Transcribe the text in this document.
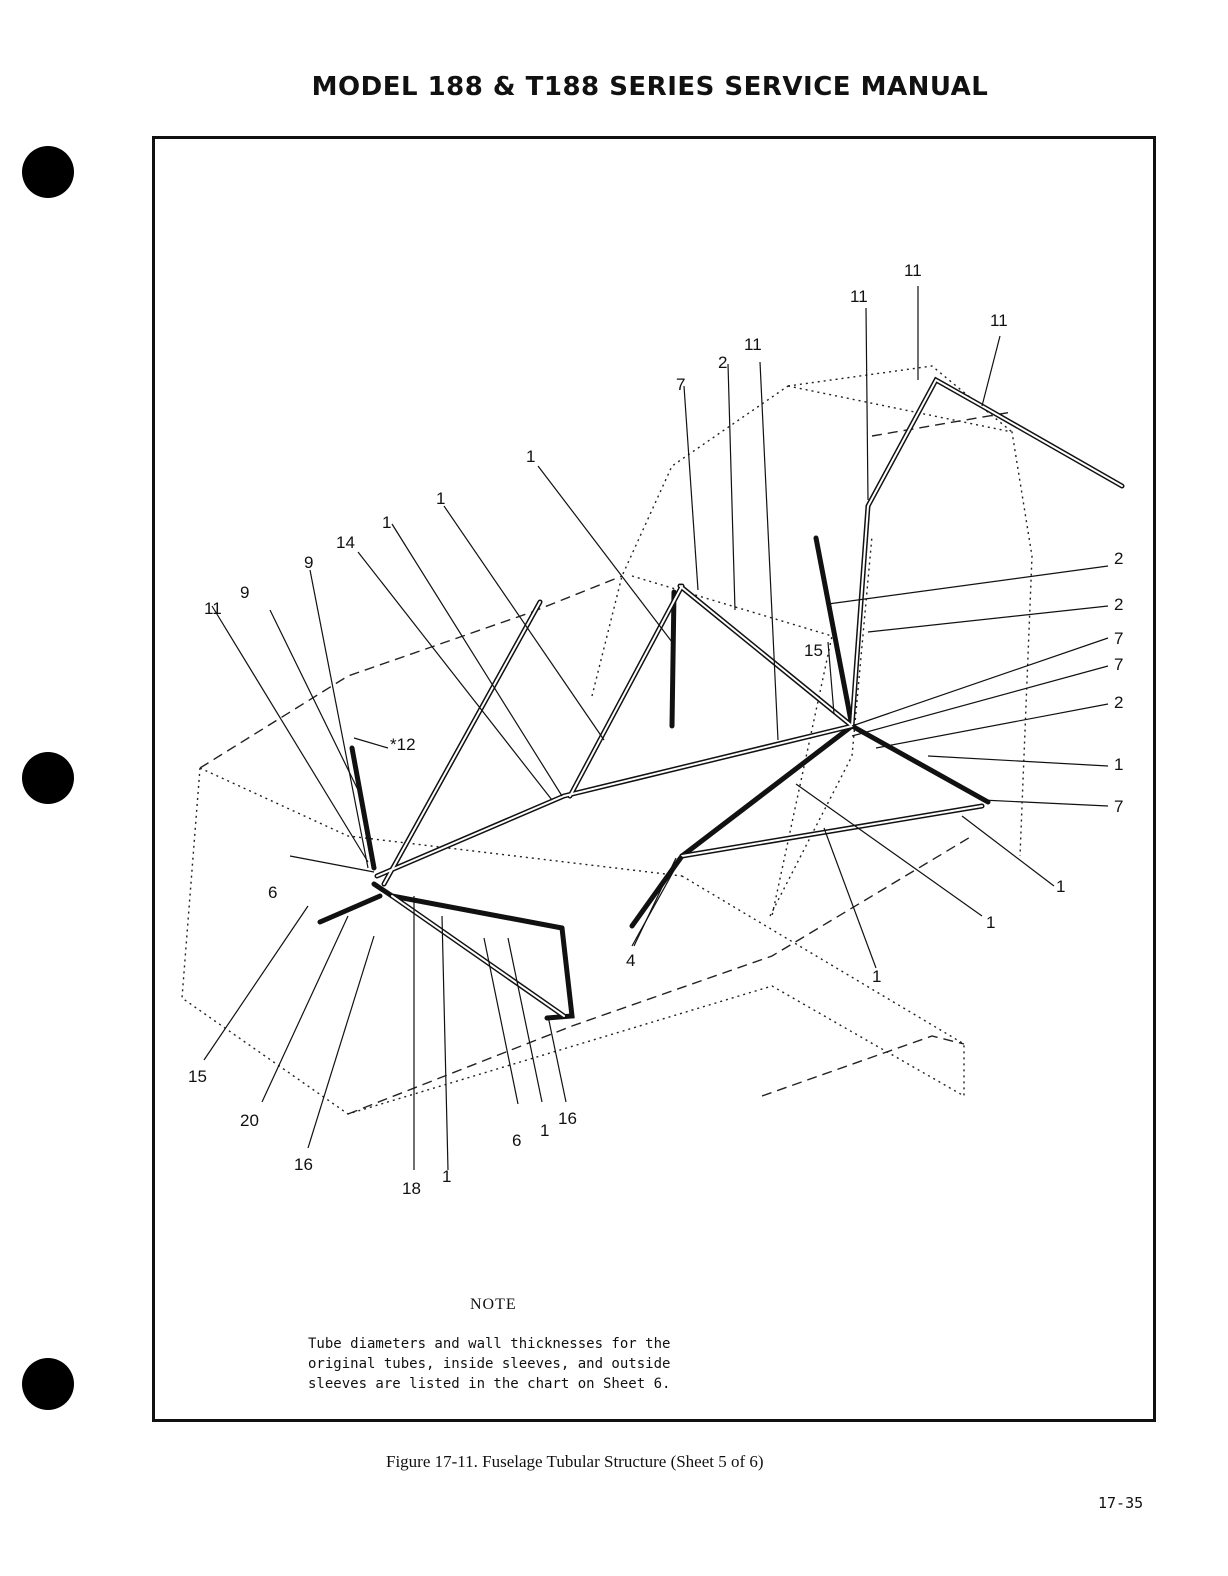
MODEL 188 & T188 SERIES SERVICE MANUAL
11
11
11
11
2
7
1
1
1
14
9
9
11
*12
15
2
2
7
7
2
1
7
6	1
1
4
1
15
20
16
18
1
6
1
16
NOTE
Tube diameters and wall thicknesses for the
original tubes, inside sleeves, and outside
sleeves are listed in the chart on Sheet 6.
Figure 17-11. Fuselage Tubular Structure (Sheet 5 of 6)
17-35
